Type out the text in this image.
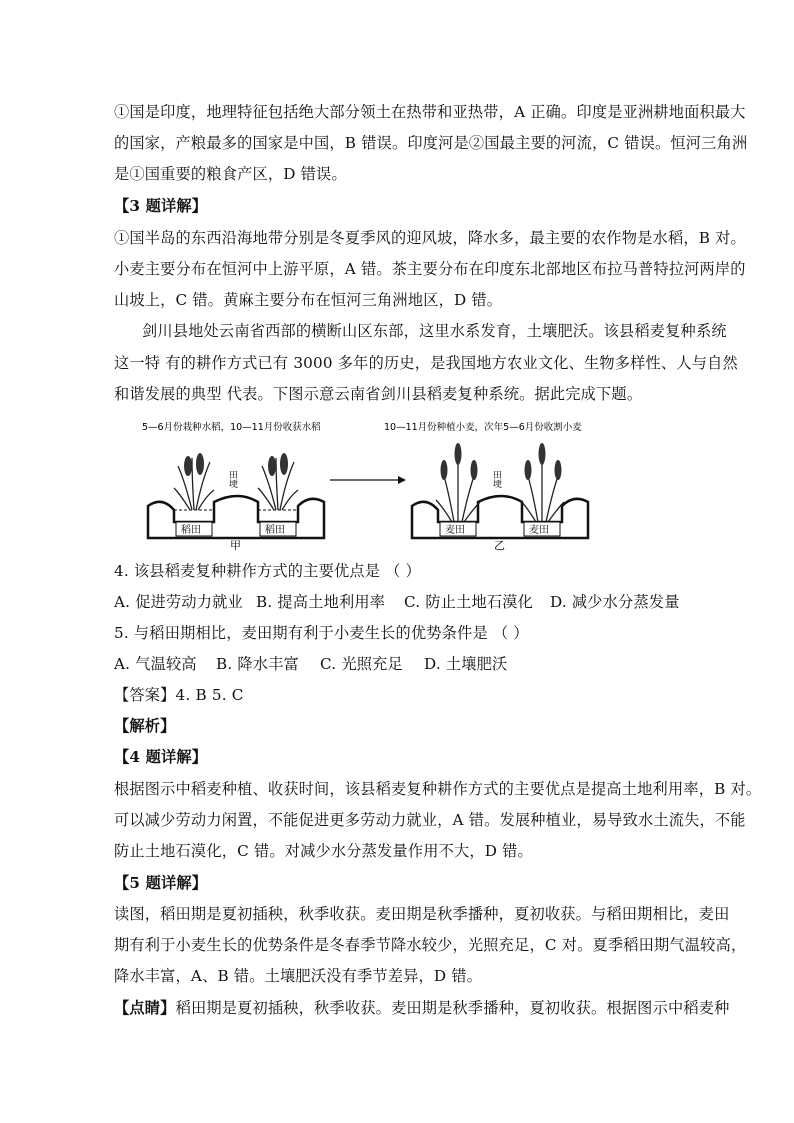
①国是印度，地理特征包括绝大部分领土在热带和亚热带，A 正确。印度是亚洲耕地面积最大
的国家，产粮最多的国家是中国，B 错误。印度河是②国最主要的河流，C 错误。恒河三角洲
是①国重要的粮食产区，D 错误。
【3 题详解】
①国半岛的东西沿海地带分别是冬夏季风的迎风坡，降水多，最主要的农作物是水稻，B 对。
小麦主要分布在恒河中上游平原，A 错。茶主要分布在印度东北部地区布拉马普特拉河两岸的
山坡上，C 错。黄麻主要分布在恒河三角洲地区，D 错。
剑川县地处云南省西部的横断山区东部，这里水系发育，土壤肥沃。该县稻麦复种系统
这一特 有的耕作方式已有 3000 多年的历史，是我国地方农业文化、生物多样性、人与自然
和谐发展的典型 代表。下图示意云南省剑川县稻麦复种系统。据此完成下题。
5—6月份栽种水稻，10—11月份收获水稻
稻田	稻田
田埂
甲
10—11月份种植小麦，次年5—6月份收割小麦
麦田	麦田
田埂
乙
4. 该县稻麦复种耕作方式的主要优点是 （ ）
A. 促进劳动力就业 B. 提高土地利用率 C. 防止土地石漠化 D. 减少水分蒸发量
5. 与稻田期相比，麦田期有利于小麦生长的优势条件是 （ ）
A. 气温较高 B. 降水丰富 C. 光照充足 D. 土壤肥沃
【答案】4. B 5. C
【解析】
【4 题详解】
根据图示中稻麦种植、收获时间，该县稻麦复种耕作方式的主要优点是提高土地利用率，B 对。
可以减少劳动力闲置，不能促进更多劳动力就业，A 错。发展种植业，易导致水土流失，不能
防止土地石漠化，C 错。对减少水分蒸发量作用不大，D 错。
【5 题详解】
读图，稻田期是夏初插秧，秋季收获。麦田期是秋季播种，夏初收获。与稻田期相比，麦田
期有利于小麦生长的优势条件是冬春季节降水较少，光照充足，C 对。夏季稻田期气温较高，
降水丰富，A、B 错。土壤肥沃没有季节差异，D 错。
【点睛】稻田期是夏初插秧，秋季收获。麦田期是秋季播种，夏初收获。根据图示中稻麦种
